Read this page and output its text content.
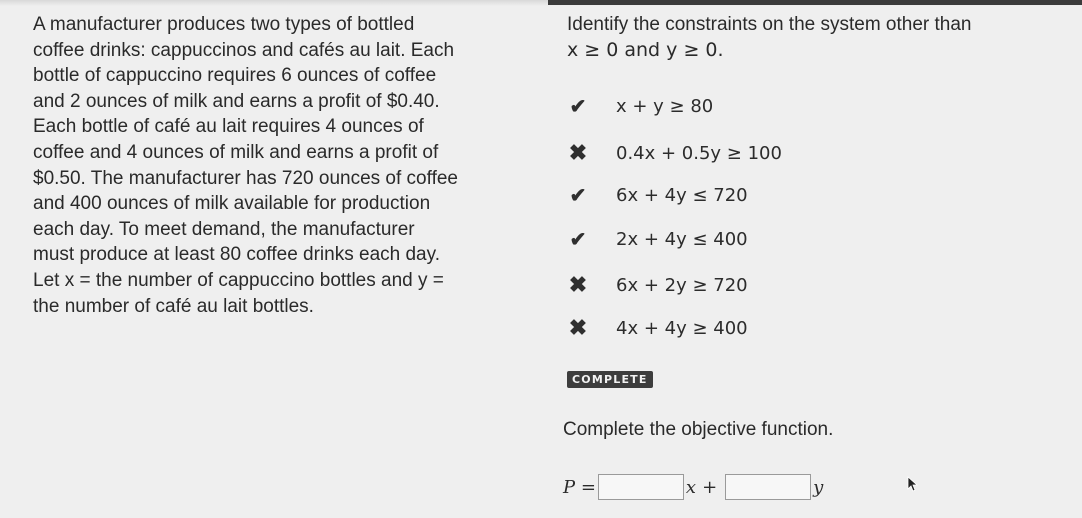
A manufacturer produces two types of bottled
coffee drinks: cappuccinos and cafés au lait. Each
bottle of cappuccino requires 6 ounces of coffee
and 2 ounces of milk and earns a profit of $0.40.
Each bottle of café au lait requires 4 ounces of
coffee and 4 ounces of milk and earns a profit of
$0.50. The manufacturer has 720 ounces of coffee
and 400 ounces of milk available for production
each day. To meet demand, the manufacturer
must produce at least 80 coffee drinks each day.
Let x = the number of cappuccino bottles and y =
the number of café au lait bottles.
Identify the constraints on the system other than
x ≥ 0 and y ≥ 0.
✔ x + y ≥ 80
✖ 0.4x + 0.5y ≥ 100
✔ 6x + 4y ≤ 720
✔ 2x + 4y ≤ 400
✖ 6x + 2y ≥ 720
✖ 4x + 4y ≥ 400
COMPLETE
Complete the objective function.
P =	x +	y
